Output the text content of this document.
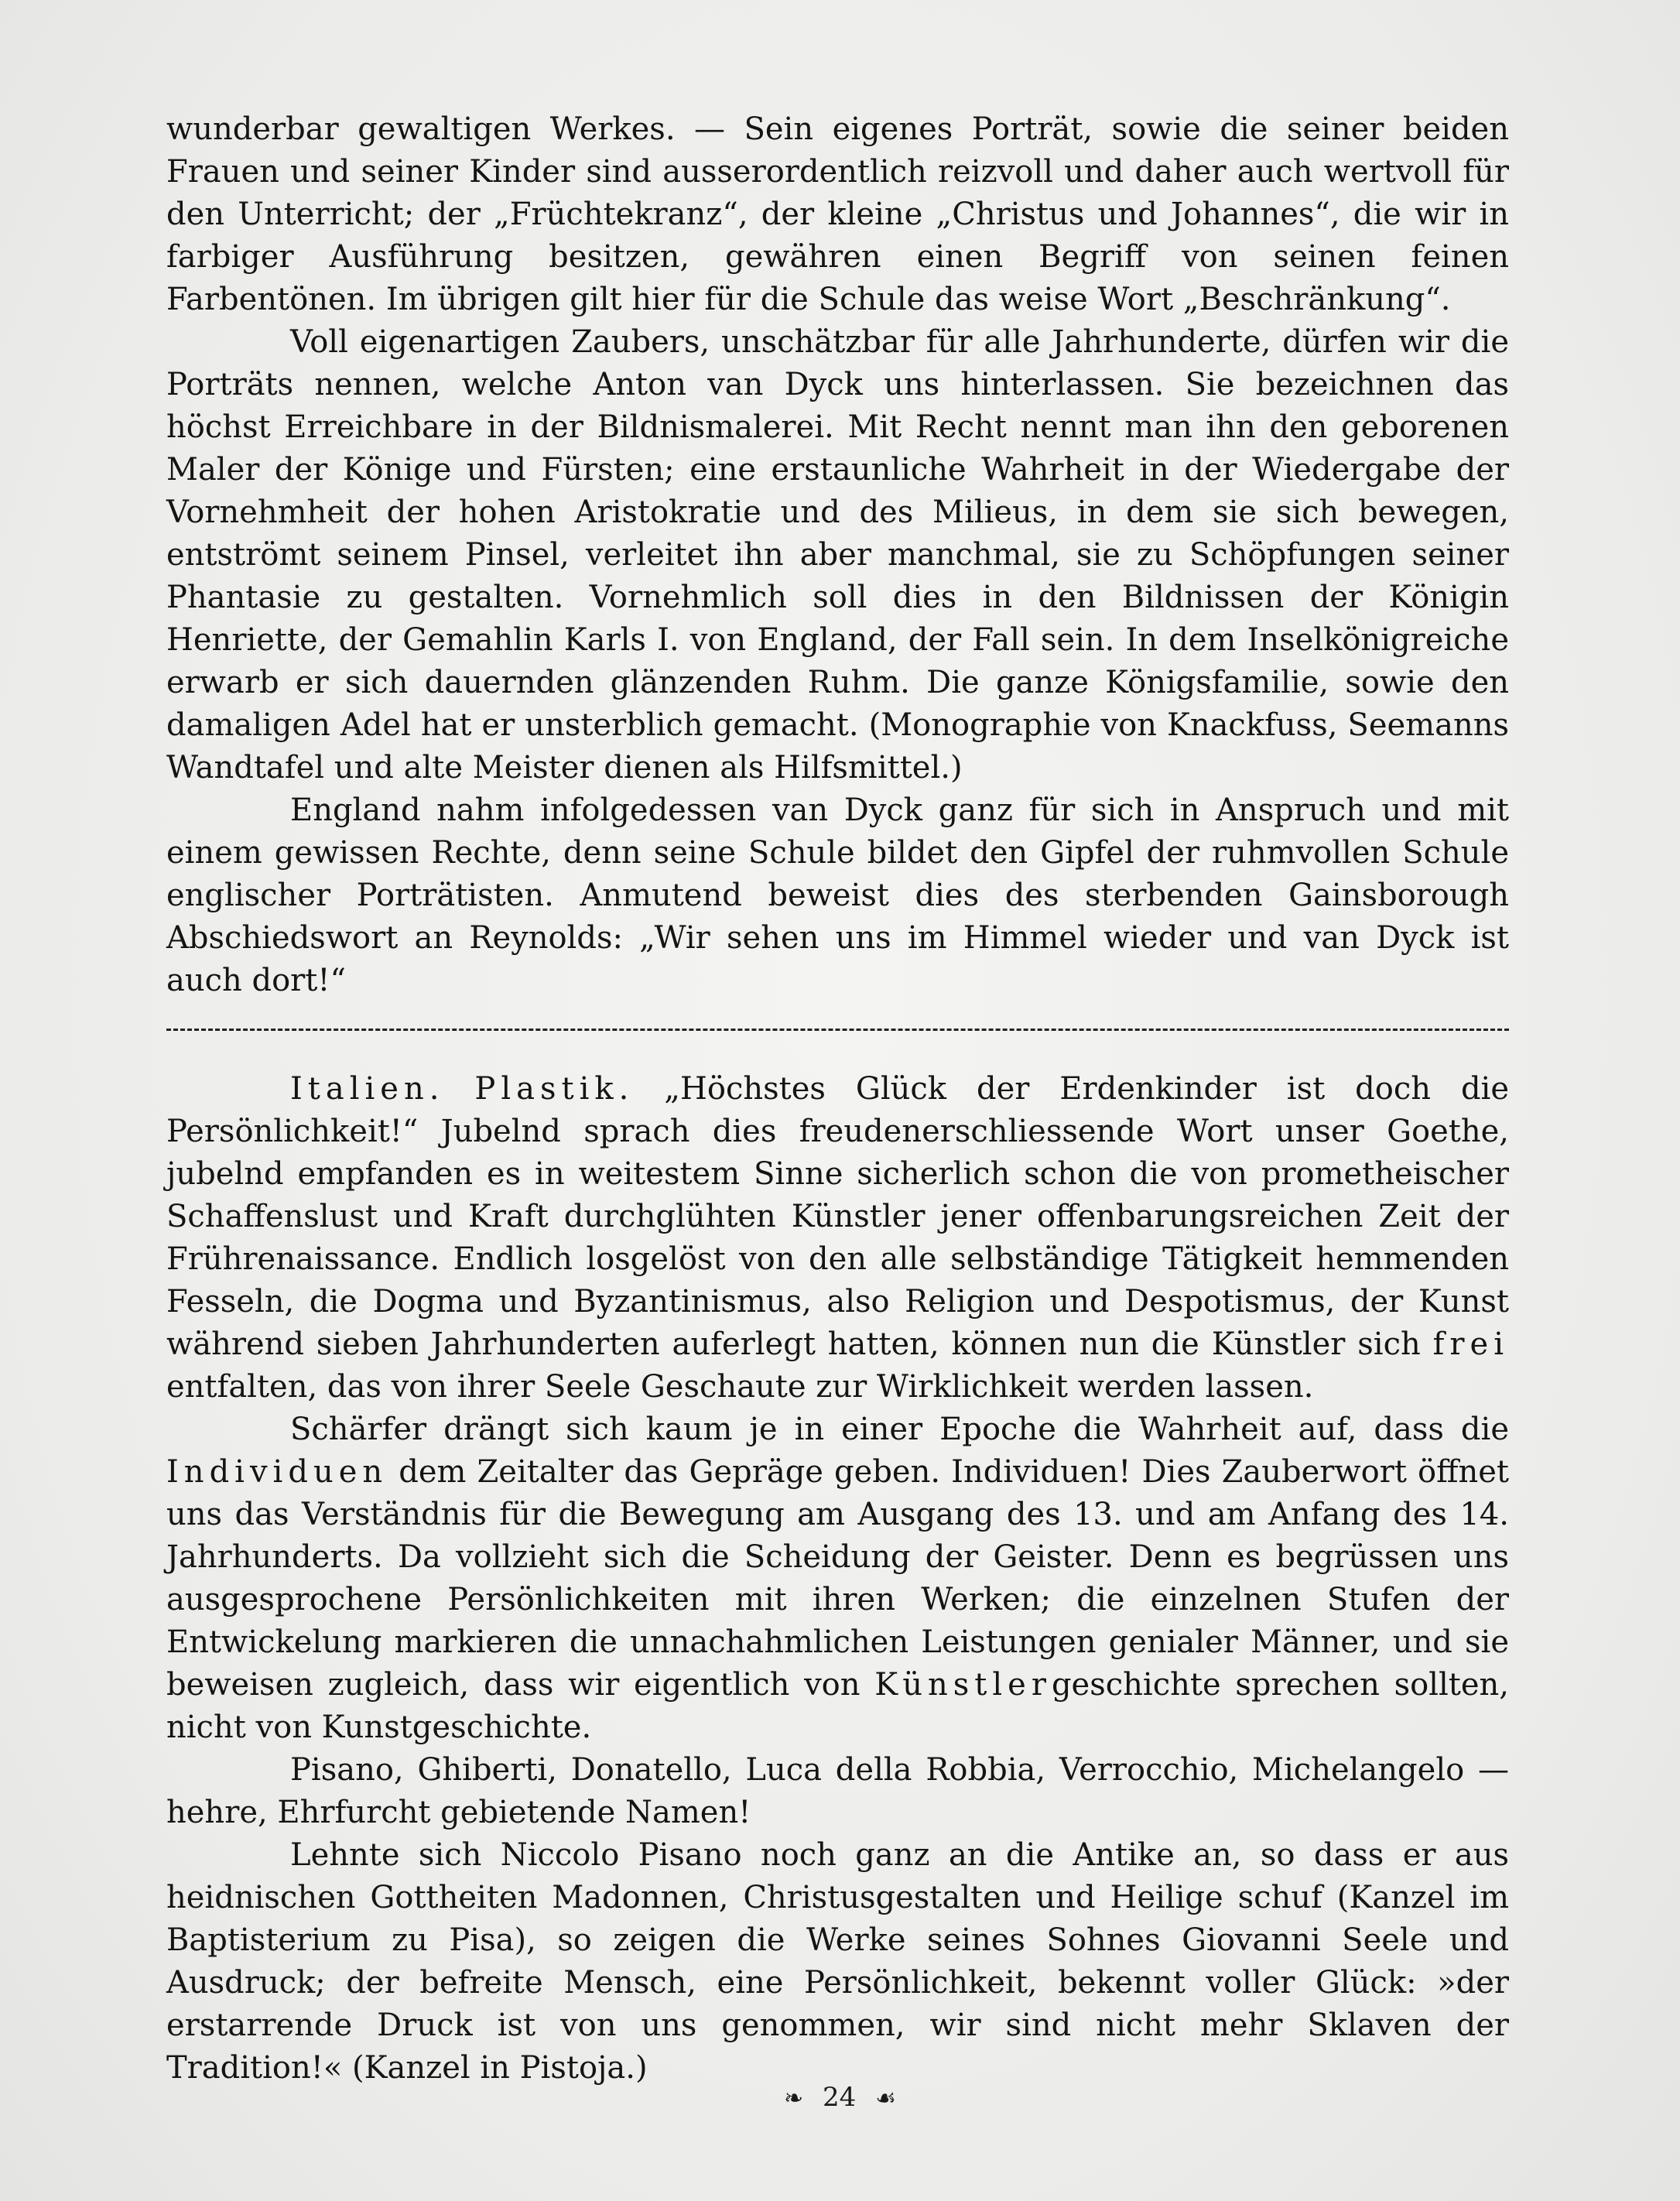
wunderbar gewaltigen Werkes. — Sein eigenes Porträt, sowie die seiner beiden Frauen und seiner Kinder sind ausserordentlich reizvoll und daher auch wertvoll für den Unterricht; der „Früchtekranz“, der kleine „Christus und Johannes“, die wir in farbiger Ausführung besitzen, gewähren einen Begriff von seinen feinen Farbentönen. Im übrigen gilt hier für die Schule das weise Wort „Beschränkung“.

Voll eigenartigen Zaubers, unschätzbar für alle Jahrhunderte, dürfen wir die Porträts nennen, welche Anton van Dyck uns hinterlassen. Sie bezeichnen das höchst Erreichbare in der Bildnismalerei. Mit Recht nennt man ihn den geborenen Maler der Könige und Fürsten; eine erstaunliche Wahrheit in der Wiedergabe der Vornehmheit der hohen Aristokratie und des Milieus, in dem sie sich bewegen, entströmt seinem Pinsel, verleitet ihn aber manchmal, sie zu Schöpfungen seiner Phantasie zu gestalten. Vornehmlich soll dies in den Bildnissen der Königin Henriette, der Gemahlin Karls I. von England, der Fall sein. In dem Inselkönigreiche erwarb er sich dauernden glänzenden Ruhm. Die ganze Königsfamilie, sowie den damaligen Adel hat er unsterblich gemacht. (Monographie von Knackfuss, Seemanns Wandtafel und alte Meister dienen als Hilfsmittel.)

England nahm infolgedessen van Dyck ganz für sich in Anspruch und mit einem gewissen Rechte, denn seine Schule bildet den Gipfel der ruhmvollen Schule englischer Porträtisten. Anmutend beweist dies des sterbenden Gainsborough Abschiedswort an Reynolds: „Wir sehen uns im Himmel wieder und van Dyck ist auch dort!“

Italien. Plastik. „Höchstes Glück der Erdenkinder ist doch die Persönlichkeit!“ Jubelnd sprach dies freudenerschliessende Wort unser Goethe, jubelnd empfanden es in weitestem Sinne sicherlich schon die von prometheischer Schaffenslust und Kraft durchglühten Künstler jener offenbarungsreichen Zeit der Frührenaissance. Endlich losgelöst von den alle selbständige Tätigkeit hemmenden Fesseln, die Dogma und Byzantinismus, also Religion und Despotismus, der Kunst während sieben Jahrhunderten auferlegt hatten, können nun die Künstler sich frei entfalten, das von ihrer Seele Geschaute zur Wirklichkeit werden lassen.

Schärfer drängt sich kaum je in einer Epoche die Wahrheit auf, dass die Individuen dem Zeitalter das Gepräge geben. Individuen! Dies Zauberwort öffnet uns das Verständnis für die Bewegung am Ausgang des 13. und am Anfang des 14. Jahrhunderts. Da vollzieht sich die Scheidung der Geister. Denn es begrüssen uns ausgesprochene Persönlichkeiten mit ihren Werken; die einzelnen Stufen der Entwickelung markieren die unnachahmlichen Leistungen genialer Männer, und sie beweisen zugleich, dass wir eigentlich von Künstlergeschichte sprechen sollten, nicht von Kunstgeschichte.

Pisano, Ghiberti, Donatello, Luca della Robbia, Verrocchio, Michelangelo — hehre, Ehrfurcht gebietende Namen!

Lehnte sich Niccolo Pisano noch ganz an die Antike an, so dass er aus heidnischen Gottheiten Madonnen, Christusgestalten und Heilige schuf (Kanzel im Baptisterium zu Pisa), so zeigen die Werke seines Sohnes Giovanni Seele und Ausdruck; der befreite Mensch, eine Persönlichkeit, bekennt voller Glück: »der erstarrende Druck ist von uns genommen, wir sind nicht mehr Sklaven der Tradition!« (Kanzel in Pistoja.)

❧ 24 ☙
